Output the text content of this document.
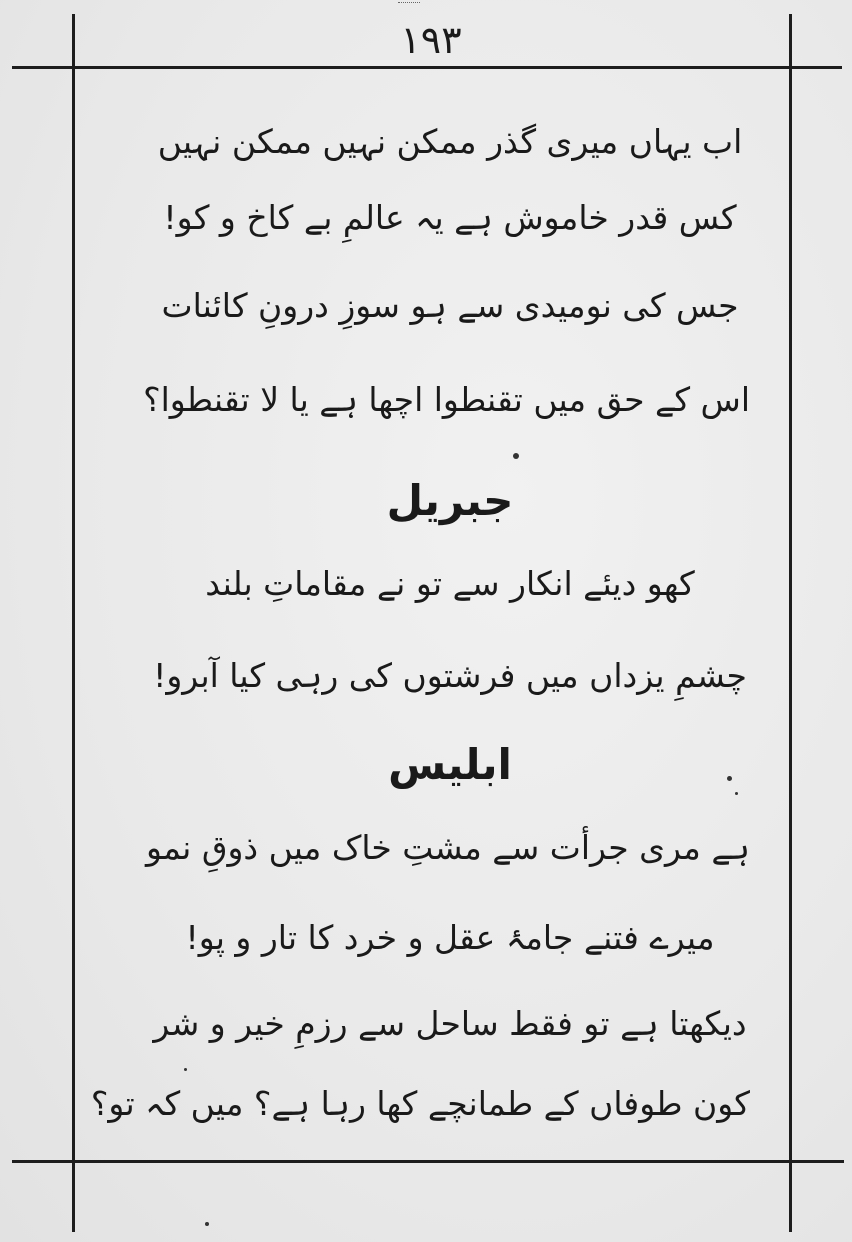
۱۹۳
اب یہاں میری گذر ممکن نہیں ممکن نہیں
کس قدر خاموش ہے یہ عالمِ بے کاخ و کو!
جس کی نومیدی سے ہو سوزِ درونِ کائنات
اس کے حق میں تقنطوا اچھا ہے یا لا تقنطوا؟
جبریل
کھو دیئے انکار سے تو نے مقاماتِ بلند
چشمِ یزداں میں فرشتوں کی رہی کیا آبرو!
ابلیس
ہے مری جرأت سے مشتِ خاک میں ذوقِ نمو
میرے فتنے جامۂ عقل و خرد کا تار و پو!
دیکھتا ہے تو فقط ساحل سے رزمِ خیر و شر
کون طوفاں کے طمانچے کھا رہا ہے؟ میں کہ تو؟
